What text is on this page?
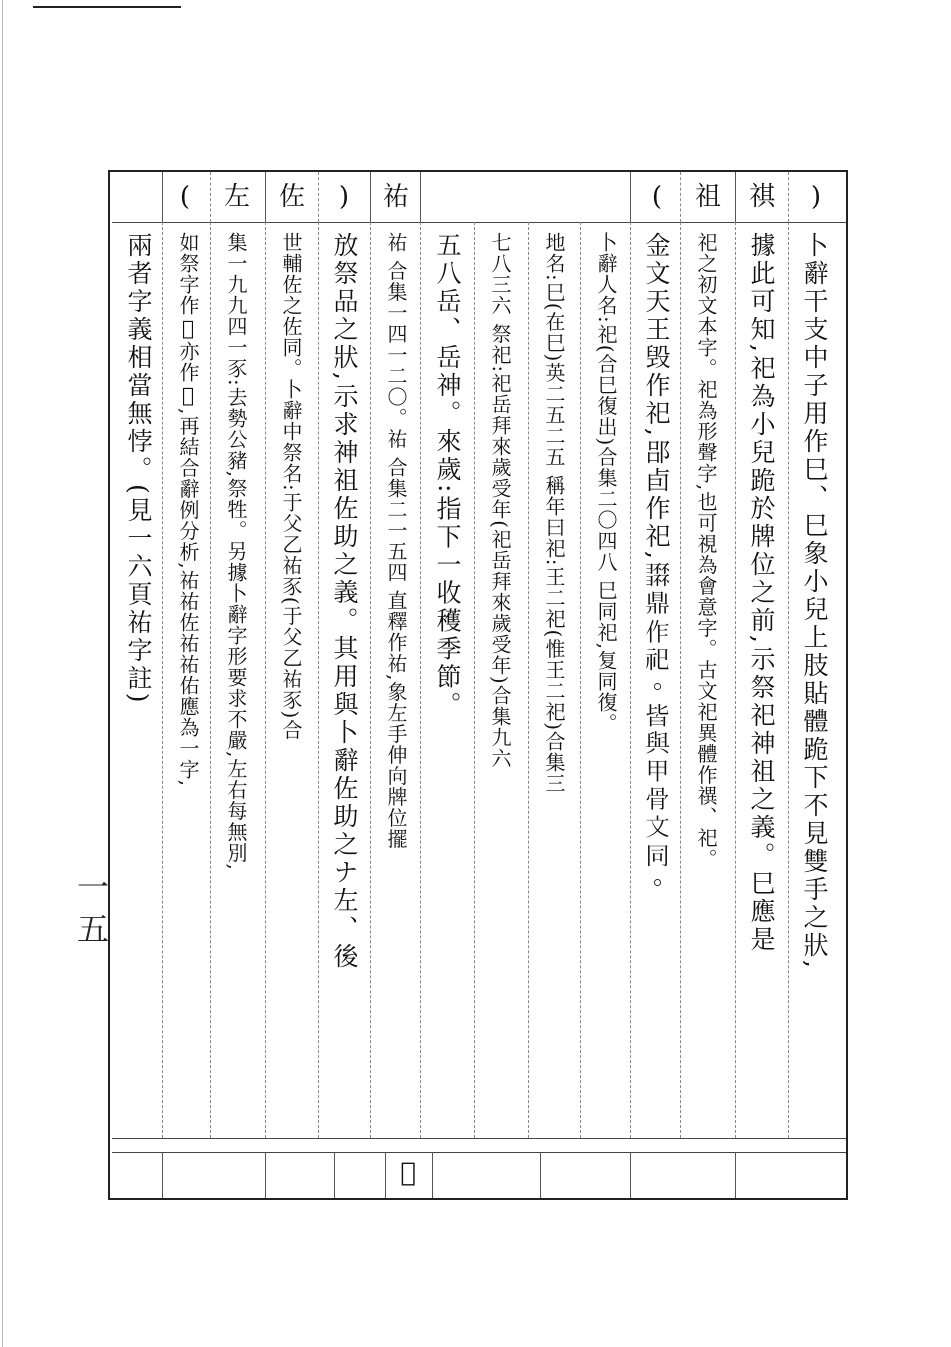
一五
(	左 佐	)	祐	(	祖 祺	)
𢐍
卜辭干支中子用作巳、巳象小兒上肢貼體跪下不見雙手之狀,
據此可知,祀為小兒跪於牌位之前,示祭祀神祖之義。巳應是
祀之初文本字。祀為形聲字,也可視為會意字。古文祀異體作禩、祀。
金文天王毁作祀,郘卣作祀,𢑽鼎作祀。皆與甲骨文同。
卜辭人名:祀(合巳復出)合集二〇四八 巳同祀,复同復。
地名:巳(在巳)英二五二五 稱年曰祀:王二祀(惟王二祀)合集三
七八三六 祭祀:祀岳拜來歲受年(祀岳拜來歲受年)合集九六
五八岳、岳神。來歲:指下一收穫季節。
祐 合集一四一二〇。祐 合集二一五四 直釋作祐,象左手伸向牌位擺
放祭品之狀,示求神祖佐助之義。其用與卜辭佐助之ナ左、後
世輔佐之佐同。卜辭中祭名:于父乙祐豕(于父乙祐豕)合
集一九九四一豕:去勢公豬,祭牲。另據卜辭字形要求不嚴,左右每無別,
如祭字作𣜩亦作𥛂,再結合辭例分析,祐祐佐祐祐佑應為一字,
兩者字義相當無悖。(見一六頁祐字註)
